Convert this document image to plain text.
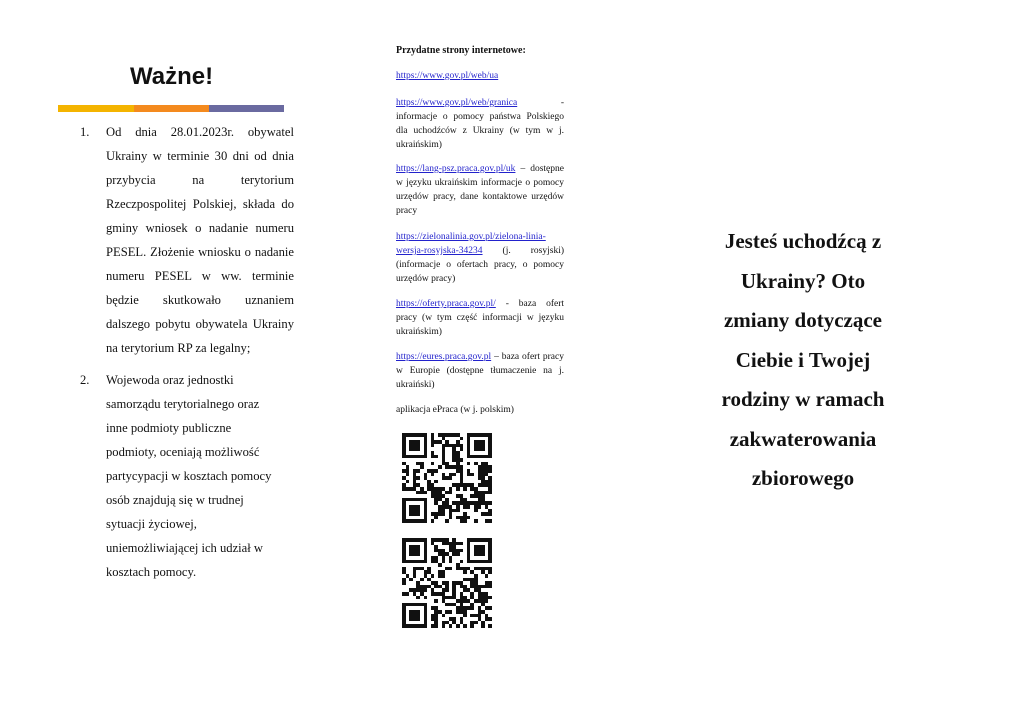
Ważne!
1. Od dnia 28.01.2023r. obywatel Ukrainy w terminie 30 dni od dnia przybycia na terytorium Rzeczpospolitej Polskiej, składa do gminy wniosek o nadanie numeru PESEL. Złożenie wniosku o nadanie numeru PESEL w ww. terminie będzie skutkowało uznaniem dalszego pobytu obywatela Ukrainy na terytorium RP za legalny;
2. Wojewoda oraz jednostki
samorządu terytorialnego oraz
inne podmioty publiczne
podmioty, oceniają możliwość
partycypacji w kosztach pomocy
osób znajdują się w trudnej
sytuacji życiowej,
uniemożliwiającej ich udział w
kosztach pomocy.

Przydatne strony internetowe:

https://www.gov.pl/web/ua
https://www.gov.pl/web/granica - informacje o pomocy państwa Polskiego dla uchodźców z Ukrainy (w tym w j. ukraińskim)
https://lang-psz.praca.gov.pl/uk – dostępne w języku ukraińskim informacje o pomocy urzędów pracy, dane kontaktowe urzędów pracy
https://zielonalinia.gov.pl/zielona-linia-wersja-rosyjska-34234 (j. rosyjski) (informacje o ofertach pracy, o pomocy urzędów pracy)
https://oferty.praca.gov.pl/ - baza ofert pracy (w tym część informacji w języku ukraińskim)
https://eures.praca.gov.pl – baza ofert pracy w Europie (dostępne tłumaczenie na j. ukraiński)
aplikacja ePraca (w j. polskim)
Jesteś uchodźcą z
Ukrainy? Oto
zmiany dotyczące
Ciebie i Twojej
rodziny w ramach
zakwaterowania
zbiorowego
